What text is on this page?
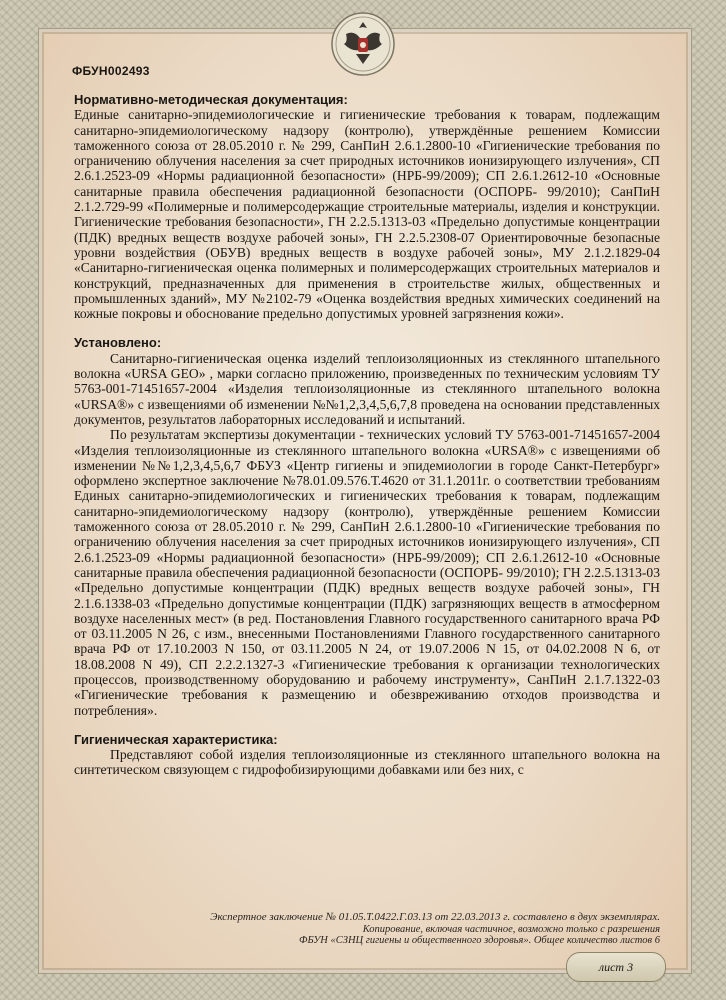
ФБУН002493

Нормативно-методическая документация:

Единые санитарно-эпидемиологические и гигиенические требования к товарам, подлежащим санитарно-эпидемиологическому надзору (контролю), утверждённые решением Комиссии таможенного союза от 28.05.2010 г. № 299, СанПиН 2.6.1.2800-10 «Гигиенические требования по ограничению облучения населения за счет природных источников ионизирующего излучения», СП 2.6.1.2523-09 «Нормы радиационной безопасности» (НРБ-99/2009); СП 2.6.1.2612-10 «Основные санитарные правила обеспечения радиационной безопасности (ОСПОРБ- 99/2010); СанПиН 2.1.2.729-99 «Полимерные и полимерсодержащие строительные материалы, изделия и конструкции. Гигиенические требования безопасности», ГН 2.2.5.1313-03 «Предельно допустимые концентрации (ПДК) вредных веществ воздухе рабочей зоны», ГН 2.2.5.2308-07 Ориентировочные безопасные уровни воздействия (ОБУВ) вредных веществ в воздухе рабочей зоны», МУ 2.1.2.1829-04 «Санитарно-гигиеническая оценка полимерных и полимерсодержащих строительных материалов и конструкций, предназначенных для применения в строительстве жилых, общественных и промышленных зданий», МУ №2102-79 «Оценка воздействия вредных химических соединений на кожные покровы и обоснование предельно допустимых уровней загрязнения кожи».

Установлено:

Санитарно-гигиеническая оценка изделий теплоизоляционных из стеклянного штапельного волокна «URSA GEO» , марки согласно приложению, произведенных по техническим условиям ТУ 5763-001-71451657-2004 «Изделия теплоизоляционные из стеклянного штапельного волокна «URSA®» с извещениями об изменении №№1,2,3,4,5,6,7,8 проведена на основании представленных документов, результатов лабораторных исследований и испытаний.

По результатам экспертизы документации - технических условий ТУ 5763-001-71451657-2004 «Изделия теплоизоляционные из стеклянного штапельного волокна «URSA®» с извещениями об изменении №№1,2,3,4,5,6,7 ФБУЗ «Центр гигиены и эпидемиологии в городе Санкт-Петербург» оформлено экспертное заключение №78.01.09.576.Т.4620 от 31.1.2011г. о соответствии требованиям Единых санитарно-эпидемиологических и гигиенических требования к товарам, подлежащим санитарно-эпидемиологическому надзору (контролю), утверждённые решением Комиссии таможенного союза от 28.05.2010 г. № 299, СанПиН 2.6.1.2800-10 «Гигиенические требования по ограничению облучения населения за счет природных источников ионизирующего излучения», СП 2.6.1.2523-09 «Нормы радиационной безопасности» (НРБ-99/2009); СП 2.6.1.2612-10 «Основные санитарные правила обеспечения радиационной безопасности (ОСПОРБ- 99/2010); ГН 2.2.5.1313-03 «Предельно допустимые концентрации (ПДК) вредных веществ воздухе рабочей зоны», ГН 2.1.6.1338-03 «Предельно допустимые концентрации (ПДК) загрязняющих веществ в атмосферном воздухе населенных мест» (в ред. Постановления Главного государственного санитарного врача РФ от 03.11.2005 N 26, с изм., внесенными Постановлениями Главного государственного санитарного врача РФ от 17.10.2003 N 150, от 03.11.2005 N 24, от 19.07.2006 N 15, от 04.02.2008 N 6, от 18.08.2008 N 49), СП 2.2.2.1327-3 «Гигиенические требования к организации технологических процессов, производственному оборудованию и рабочему инструменту», СанПиН 2.1.7.1322-03 «Гигиенические требования к размещению и обезвреживанию отходов производства и потребления».

Гигиеническая характеристика:

Представляют собой изделия теплоизоляционные из стеклянного штапельного волокна на синтетическом связующем с гидрофобизирующими добавками или без них, с

Экспертное заключение № 01.05.Т.0422.Г.03.13 от 22.03.2013 г. составлено в двух экземплярах.
Копирование, включая частичное, возможно только с разрешения
ФБУН «СЗНЦ гигиены и общественного здоровья». Общее количество листов 6
лист 3
